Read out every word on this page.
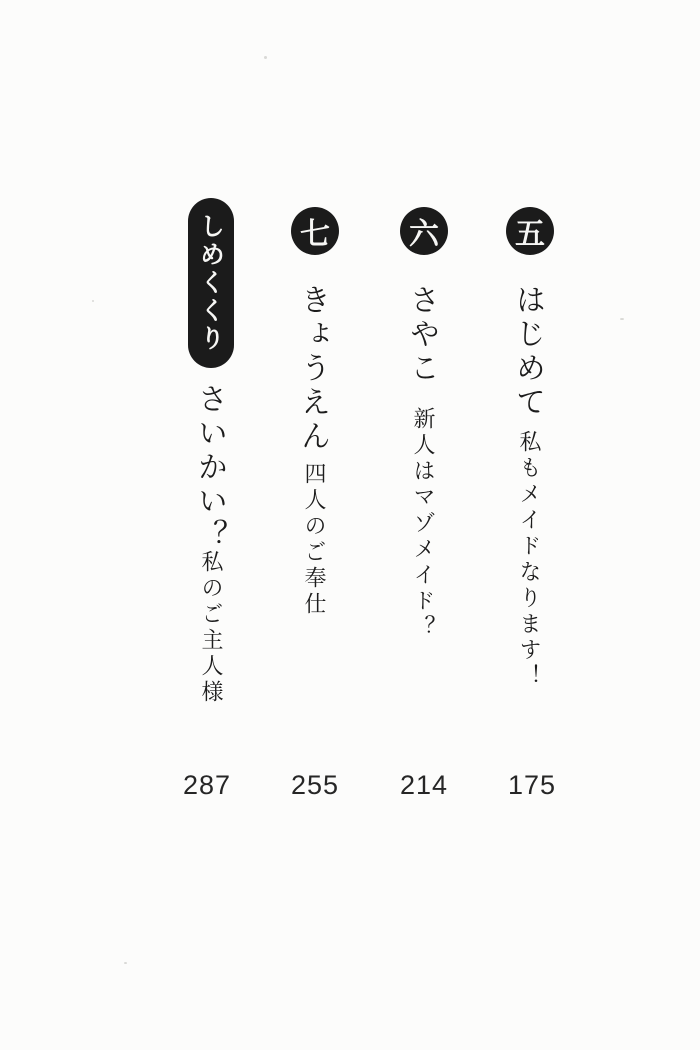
五
はじめて
私もメイドなります！
175
六
さやこ
新人はマゾメイド？
214
七
きょうえん
四人のご奉仕
255
しめくくり
さいかい？
私のご主人様
287
